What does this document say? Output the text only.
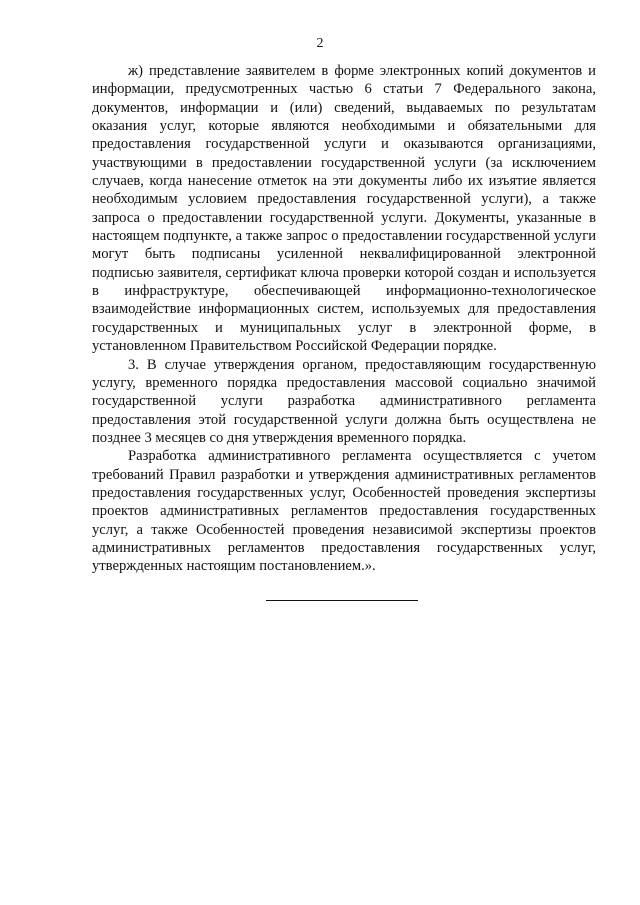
2

ж) представление заявителем в форме электронных копий документов и информации, предусмотренных частью 6 статьи 7 Федерального закона, документов, информации и (или) сведений, выдаваемых по результатам оказания услуг, которые являются необходимыми и обязательными для предоставления государственной услуги и оказываются организациями, участвующими в предоставлении государственной услуги (за исключением случаев, когда нанесение отметок на эти документы либо их изъятие является необходимым условием предоставления государственной услуги), а также запроса о предоставлении государственной услуги. Документы, указанные в настоящем подпункте, а также запрос о предоставлении государственной услуги могут быть подписаны усиленной неквалифицированной электронной подписью заявителя, сертификат ключа проверки которой создан и используется в инфраструктуре, обеспечивающей информационно-технологическое взаимодействие информационных систем, используемых для предоставления государственных и муниципальных услуг в электронной форме, в установленном Правительством Российской Федерации порядке.

3. В случае утверждения органом, предоставляющим государственную услугу, временного порядка предоставления массовой социально значимой государственной услуги разработка административного регламента предоставления этой государственной услуги должна быть осуществлена не позднее 3 месяцев со дня утверждения временного порядка.

Разработка административного регламента осуществляется с учетом требований Правил разработки и утверждения административных регламентов предоставления государственных услуг, Особенностей проведения экспертизы проектов административных регламентов предоставления государственных услуг, а также Особенностей проведения независимой экспертизы проектов административных регламентов предоставления государственных услуг, утвержденных настоящим постановлением.».
